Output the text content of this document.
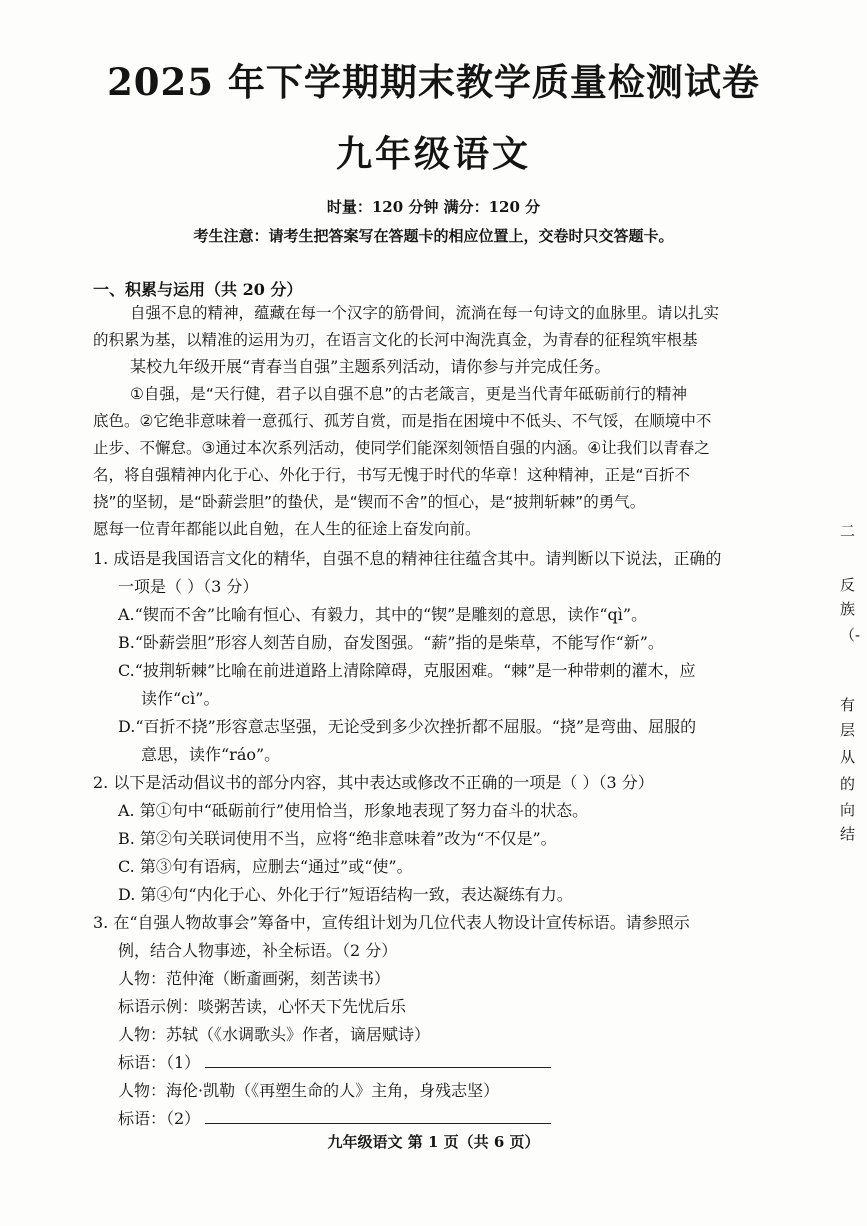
2025 年下学期期末教学质量检测试卷
九年级语文
时量：120 分钟 满分：120 分
考生注意：请考生把答案写在答题卡的相应位置上，交卷时只交答题卡。
一、积累与运用（共 20 分）
自强不息的精神，蕴藏在每一个汉字的筋骨间，流淌在每一句诗文的血脉里。请以扎实
的积累为基，以精准的运用为刃，在语言文化的长河中淘洗真金，为青春的征程筑牢根基
某校九年级开展“青春当自强”主题系列活动，请你参与并完成任务。
①自强，是“天行健，君子以自强不息”的古老箴言，更是当代青年砥砺前行的精神
底色。②它绝非意味着一意孤行、孤芳自赏，而是指在困境中不低头、不气馁，在顺境中不
止步、不懈怠。③通过本次系列活动，使同学们能深刻领悟自强的内涵。④让我们以青春之
名，将自强精神内化于心、外化于行，书写无愧于时代的华章！这种精神，正是“百折不
挠”的坚韧，是“卧薪尝胆”的蛰伏，是“锲而不舍”的恒心，是“披荆斩棘”的勇气。
愿每一位青年都能以此自勉，在人生的征途上奋发向前。
1. 成语是我国语言文化的精华，自强不息的精神往往蕴含其中。请判断以下说法，正确的
一项是（ ）（3 分）
A.“锲而不舍”比喻有恒心、有毅力，其中的“锲”是雕刻的意思，读作“qì”。
B.“卧薪尝胆”形容人刻苦自励，奋发图强。“薪”指的是柴草，不能写作“新”。
C.“披荆斩棘”比喻在前进道路上清除障碍，克服困难。“棘”是一种带刺的灌木，应
读作“cì”。
D.“百折不挠”形容意志坚强，无论受到多少次挫折都不屈服。“挠”是弯曲、屈服的
意思，读作“ráo”。
2. 以下是活动倡议书的部分内容，其中表达或修改不正确的一项是（ ）（3 分）
A. 第①句中“砥砺前行”使用恰当，形象地表现了努力奋斗的状态。
B. 第②句关联词使用不当，应将“绝非意味着”改为“不仅是”。
C. 第③句有语病，应删去“通过”或“使”。
D. 第④句“内化于心、外化于行”短语结构一致，表达凝练有力。
3. 在“自强人物故事会”筹备中，宣传组计划为几位代表人物设计宣传标语。请参照示
例，结合人物事迹，补全标语。（2 分）
人物：范仲淹（断齑画粥，刻苦读书）
标语示例：啖粥苦读，心怀天下先忧后乐
人物：苏轼（《水调歌头》作者，谪居赋诗）
标语：（1）
人物：海伦·凯勒（《再塑生命的人》主角，身残志坚）
标语：（2）
九年级语文 第 1 页（共 6 页）
二
反
族
（-
有
层
从
的
向
结
